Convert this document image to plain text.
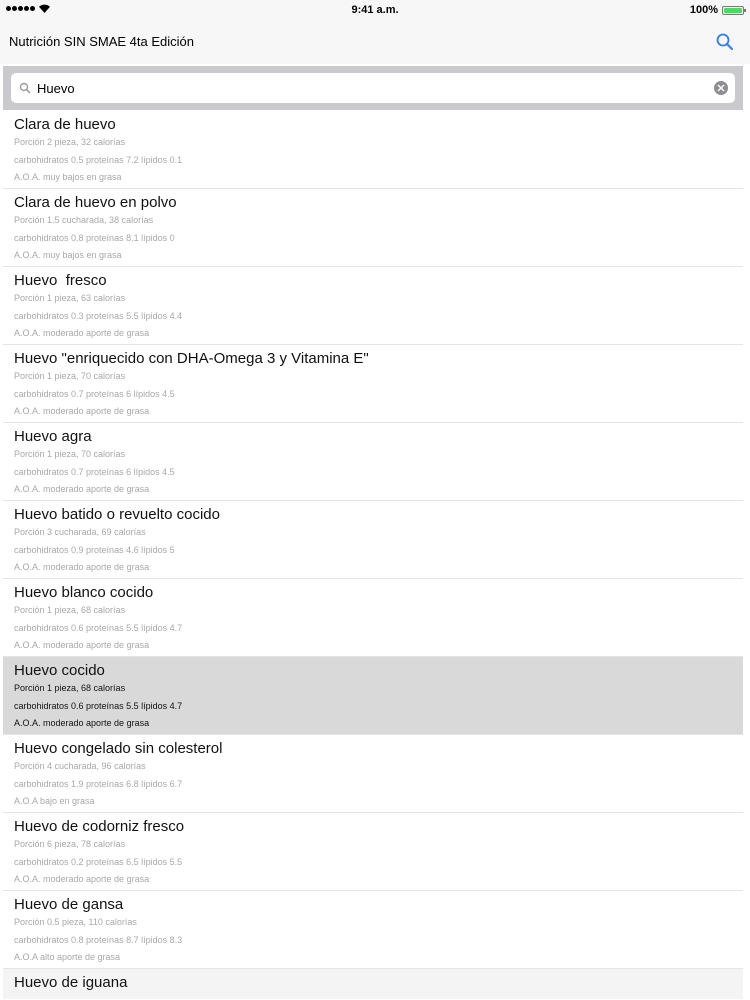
9:41 a.m.	100%
Nutrición SIN SMAE 4ta Edición
Huevo
Clara de huevo
Porción 2 pieza, 32 calorías
carbohidratos 0.5 proteínas 7.2 lípidos 0.1
A.O.A. muy bajos en grasa
Clara de huevo en polvo
Porción 1.5 cucharada, 38 calorías
carbohidratos 0.8 proteínas 8.1 lípidos 0
A.O.A. muy bajos en grasa
Huevo  fresco
Porción 1 pieza, 63 calorías
carbohidratos 0.3 proteínas 5.5 lípidos 4.4
A.O.A. moderado aporte de grasa
Huevo "enriquecido con DHA-Omega 3 y Vitamina E"
Porción 1 pieza, 70 calorías
carbohidratos 0.7 proteínas 6 lípidos 4.5
A.O.A. moderado aporte de grasa
Huevo agra
Porción 1 pieza, 70 calorías
carbohidratos 0.7 proteínas 6 lípidos 4.5
A.O.A. moderado aporte de grasa
Huevo batido o revuelto cocido
Porción 3 cucharada, 69 calorías
carbohidratos 0.9 proteínas 4.6 lípidos 5
A.O.A. moderado aporte de grasa
Huevo blanco cocido
Porción 1 pieza, 68 calorías
carbohidratos 0.6 proteínas 5.5 lípidos 4.7
A.O.A. moderado aporte de grasa
Huevo cocido
Porción 1 pieza, 68 calorías
carbohidratos 0.6 proteínas 5.5 lípidos 4.7
A.O.A. moderado aporte de grasa
Huevo congelado sin colesterol
Porción 4 cucharada, 96 calorías
carbohidratos 1.9 proteínas 6.8 lípidos 6.7
A.O.A bajo en grasa
Huevo de codorniz fresco
Porción 6 pieza, 78 calorías
carbohidratos 0.2 proteínas 6.5 lípidos 5.5
A.O.A. moderado aporte de grasa
Huevo de gansa
Porción 0.5 pieza, 110 calorías
carbohidratos 0.8 proteínas 8.7 lípidos 8.3
A.O.A alto aporte de grasa
Huevo de iguana
